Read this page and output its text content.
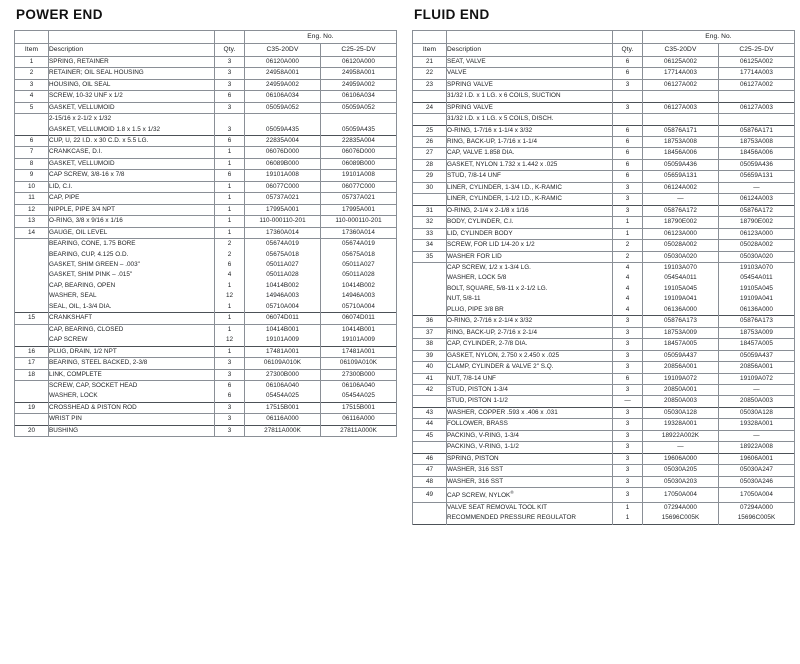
POWER END
			Eng. No.	
Item	Description	Qty.	C35-20DV	C25-25-DV
1	SPRING, RETAINER	3	06120A000	06120A000
2	RETAINER; OIL SEAL HOUSING	3	24958A001	24958A001
3	HOUSING, OIL SEAL	3	24959A002	24959A002
4	SCREW, 10-32 UNF x 1/2	6	06106A034	06106A034
5	GASKET, VELLUMOID	3	05059A052	05059A052
	2-15/16 x 2-1/2 x 1/32			
	GASKET, VELLUMOID 1.8 x 1.5 x 1/32	3	05059A435	05059A435
6	CUP, U, 22 I.D. x 30 C.D. x 5.5 LG.	6	22835A004	22835A004
7	CRANKCASE, D.I.	1	06076D000	06076D000
8	GASKET, VELLUMOID	1	06089B000	06089B000
9	CAP SCREW, 3/8-16 x 7/8	6	19101A008	19101A008
10	LID, C.I.	1	06077C000	06077C000
11	CAP, PIPE	1	05737A021	05737A021
12	NIPPLE, PIPE 3/4 NPT	1	17995A001	17995A001
13	O-RING, 3/8 x 9/16 x 1/16	1	110-000110-201	110-000110-201
14	GAUGE, OIL LEVEL	1	17360A014	17360A014
	BEARING, CONE, 1.75 BORE	2	05674A019	05674A019
	BEARING, CUP, 4.125 O.D.	2	05675A018	05675A018
	GASKET, SHIM GREEN – .003"	6	05011A027	05011A027
	GASKET, SHIM PINK – .015"	4	05011A028	05011A028
	CAP, BEARING, OPEN	1	10414B002	10414B002
	WASHER, SEAL	12	14946A003	14946A003
	SEAL, OIL, 1-3/4 DIA.	1	05710A004	05710A004
15	CRANKSHAFT	1	06074D011	06074D011
	CAP, BEARING, CLOSED	1	10414B001	10414B001
	CAP SCREW	12	19101A009	19101A009
16	PLUG, DRAIN, 1/2 NPT	1	17481A001	17481A001
17	BEARING, STEEL BACKED, 2-3/8	3	06109A010K	06109A010K
18	LINK, COMPLETE	3	27300B000	27300B000
	SCREW, CAP, SOCKET HEAD	6	06106A040	06106A040
	WASHER, LOCK	6	05454A025	05454A025
19	CROSSHEAD & PISTON ROD	3	17515B001	17515B001
	WRIST PIN	3	06116A000	06116A000
20	BUSHING	3	27811A000K	27811A000K
FLUID END
			Eng. No.	
Item	Description	Qty.	C35-20DV	C25-25-DV
21	SEAT, VALVE	6	06125A002	06125A002
22	VALVE	6	17714A003	17714A003
23	SPRING VALVE	3	06127A002	06127A002
	31/32 I.D. x 1 LG. x 6 COILS, SUCTION			
24	SPRING VALVE	3	06127A003	06127A003
	31/32 I.D. x 1 LG. x 5 COILS, DISCH.			
25	O-RING, 1-7/16 x 1-1/4 x 3/32	6	05876A171	05876A171
26	RING, BACK-UP, 1-7/16 x 1-1/4	6	18753A008	18753A008
27	CAP, VALVE 1.858 DIA.	6	18456A006	18456A006
28	GASKET, NYLON 1.732 x 1.442 x .025	6	05059A436	05059A436
29	STUD, 7/8-14 UNF	6	05659A131	05659A131
30	LINER, CYLINDER, 1-3/4 I.D., K-RAMIC	3	06124A002	—
	LINER, CYLINDER, 1-1/2 I.D., K-RAMIC	3	—	06124A003
31	O-RING, 2-1/4 x 2-1/8 x 1/16	3	05876A172	05876A172
32	BODY, CYLINDER, C.I.	1	18790E002	18790E002
33	LID, CYLINDER BODY	1	06123A000	06123A000
34	SCREW, FOR LID 1/4-20 x 1/2	2	05028A002	05028A002
35	WASHER FOR LID	2	05030A020	05030A020
	CAP SCREW, 1/2 x 1-3/4 LG.	4	19103A070	19103A070
	WASHER, LOCK 5/8	4	05454A011	05454A011
	BOLT, SQUARE, 5/8-11 x 2-1/2 LG.	4	19105A045	19105A045
	NUT, 5/8-11	4	19109A041	19109A041
	PLUG, PIPE 3/8 BR	4	06136A000	06136A000
36	O-RING, 2-7/16 x 2-1/4 x 3/32	3	05876A173	05876A173
37	RING, BACK-UP, 2-7/16 x 2-1/4	3	18753A009	18753A009
38	CAP, CYLINDER, 2-7/8 DIA.	3	18457A005	18457A005
39	GASKET, NYLON, 2.750 x 2.450 x .025	3	05059A437	05059A437
40	CLAMP, CYLINDER & VALVE 2" S.Q.	3	20856A001	20856A001
41	NUT, 7/8-14 UNF	6	19109A072	19109A072
42	STUD, PISTON 1-3/4	3	20850A001	—
	STUD, PISTON 1-1/2	—	20850A003	20850A003
43	WASHER, COPPER .593 x .406 x .031	3	05030A128	05030A128
44	FOLLOWER, BRASS	3	19328A001	19328A001
45	PACKING, V-RING, 1-3/4	3	18922A002K	—
	PACKING, V-RING, 1-1/2	3	—	18922A008
46	SPRING, PISTON	3	19606A000	19606A001
47	WASHER, 316 SST	3	05030A205	05030A247
48	WASHER, 316 SST	3	05030A203	05030A246
49	CAP SCREW, NYLOK®	3	17050A004	17050A004
	VALVE SEAT REMOVAL TOOL KIT	1	07294A000	07294A000
	RECOMMENDED PRESSURE REGULATOR	1	15696C005K	15696C005K
